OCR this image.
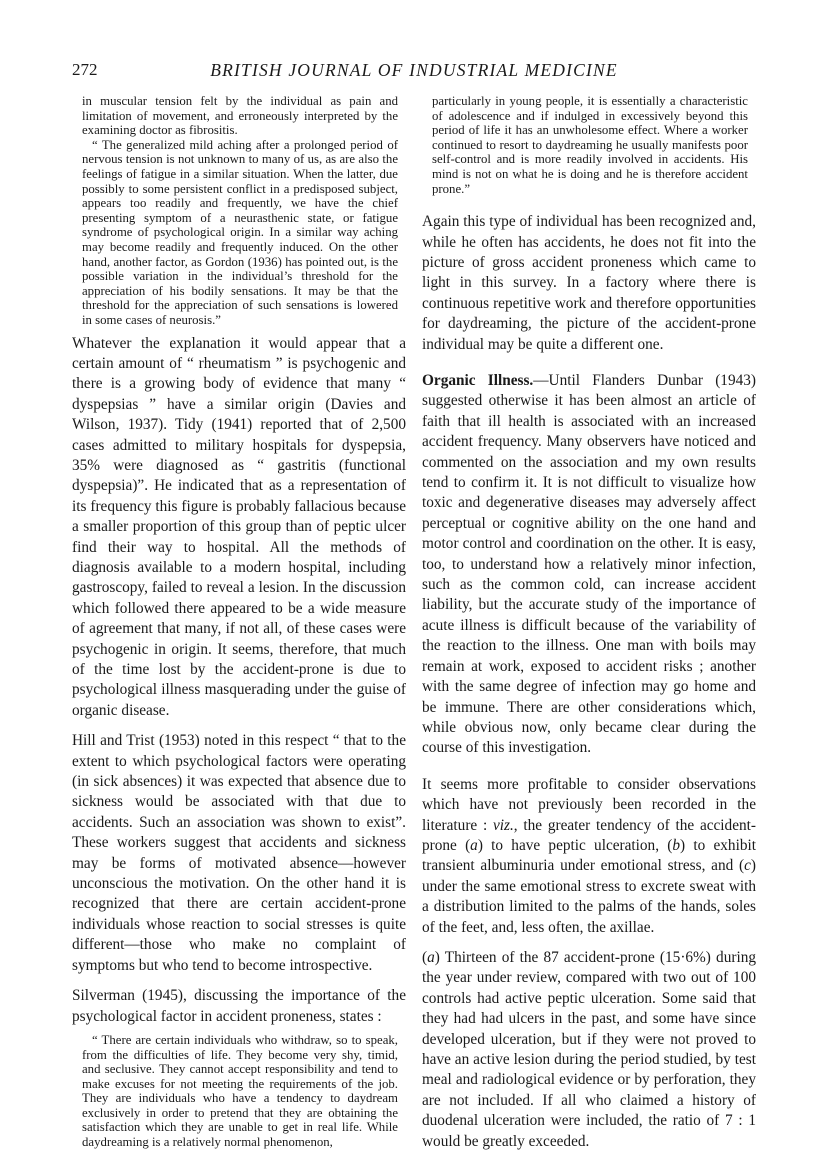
272	BRITISH JOURNAL OF INDUSTRIAL MEDICINE

in muscular tension felt by the individual as pain and limitation of movement, and erroneously interpreted by the examining doctor as fibrositis.

“ The generalized mild aching after a prolonged period of nervous tension is not unknown to many of us, as are also the feelings of fatigue in a similar situation. When the latter, due possibly to some persistent conflict in a predisposed subject, appears too readily and frequently, we have the chief presenting symptom of a neurasthenic state, or fatigue syndrome of psychological origin. In a similar way aching may become readily and frequently induced. On the other hand, another factor, as Gordon (1936) has pointed out, is the possible variation in the individual’s threshold for the appreciation of his bodily sensations. It may be that the threshold for the appreciation of such sensations is lowered in some cases of neurosis.”

Whatever the explanation it would appear that a certain amount of “ rheumatism ” is psychogenic and there is a growing body of evidence that many “ dyspepsias ” have a similar origin (Davies and Wilson, 1937). Tidy (1941) reported that of 2,500 cases admitted to military hospitals for dyspepsia, 35% were diagnosed as “ gastritis (functional dyspepsia)”. He indicated that as a representation of its frequency this figure is probably fallacious because a smaller proportion of this group than of peptic ulcer find their way to hospital. All the methods of diagnosis available to a modern hospital, including gastroscopy, failed to reveal a lesion. In the discussion which followed there appeared to be a wide measure of agreement that many, if not all, of these cases were psychogenic in origin. It seems, therefore, that much of the time lost by the accident-prone is due to psychological illness masquerading under the guise of organic disease.

Hill and Trist (1953) noted in this respect “ that to the extent to which psychological factors were operating (in sick absences) it was expected that absence due to sickness would be associated with that due to accidents. Such an association was shown to exist”. These workers suggest that accidents and sickness may be forms of motivated absence—however unconscious the motivation. On the other hand it is recognized that there are certain accident-prone individuals whose reaction to social stresses is quite different—those who make no complaint of symptoms but who tend to become introspective.

Silverman (1945), discussing the importance of the psychological factor in accident proneness, states :

“ There are certain individuals who withdraw, so to speak, from the difficulties of life. They become very shy, timid, and seclusive. They cannot accept responsibility and tend to make excuses for not meeting the requirements of the job. They are individuals who have a tendency to daydream exclusively in order to pretend that they are obtaining the satisfaction which they are unable to get in real life. While daydreaming is a relatively normal phenomenon,

particularly in young people, it is essentially a characteristic of adolescence and if indulged in excessively beyond this period of life it has an unwholesome effect. Where a worker continued to resort to daydreaming he usually manifests poor self-control and is more readily involved in accidents. His mind is not on what he is doing and he is therefore accident prone.”

Again this type of individual has been recognized and, while he often has accidents, he does not fit into the picture of gross accident proneness which came to light in this survey. In a factory where there is continuous repetitive work and therefore opportunities for daydreaming, the picture of the accident-prone individual may be quite a different one.

Organic Illness.—Until Flanders Dunbar (1943) suggested otherwise it has been almost an article of faith that ill health is associated with an increased accident frequency. Many observers have noticed and commented on the association and my own results tend to confirm it. It is not difficult to visualize how toxic and degenerative diseases may adversely affect perceptual or cognitive ability on the one hand and motor control and coordination on the other. It is easy, too, to understand how a relatively minor infection, such as the common cold, can increase accident liability, but the accurate study of the importance of acute illness is difficult because of the variability of the reaction to the illness. One man with boils may remain at work, exposed to accident risks ; another with the same degree of infection may go home and be immune. There are other considerations which, while obvious now, only became clear during the course of this investigation.

It seems more profitable to consider observations which have not previously been recorded in the literature : viz., the greater tendency of the accident-prone (a) to have peptic ulceration, (b) to exhibit transient albuminuria under emotional stress, and (c) under the same emotional stress to excrete sweat with a distribution limited to the palms of the hands, soles of the feet, and, less often, the axillae.

(a) Thirteen of the 87 accident-prone (15·6%) during the year under review, compared with two out of 100 controls had active peptic ulceration. Some said that they had had ulcers in the past, and some have since developed ulceration, but if they were not proved to have an active lesion during the period studied, by test meal and radiological evidence or by perforation, they are not included. If all who claimed a history of duodenal ulceration were included, the ratio of 7 : 1 would be greatly exceeded.
